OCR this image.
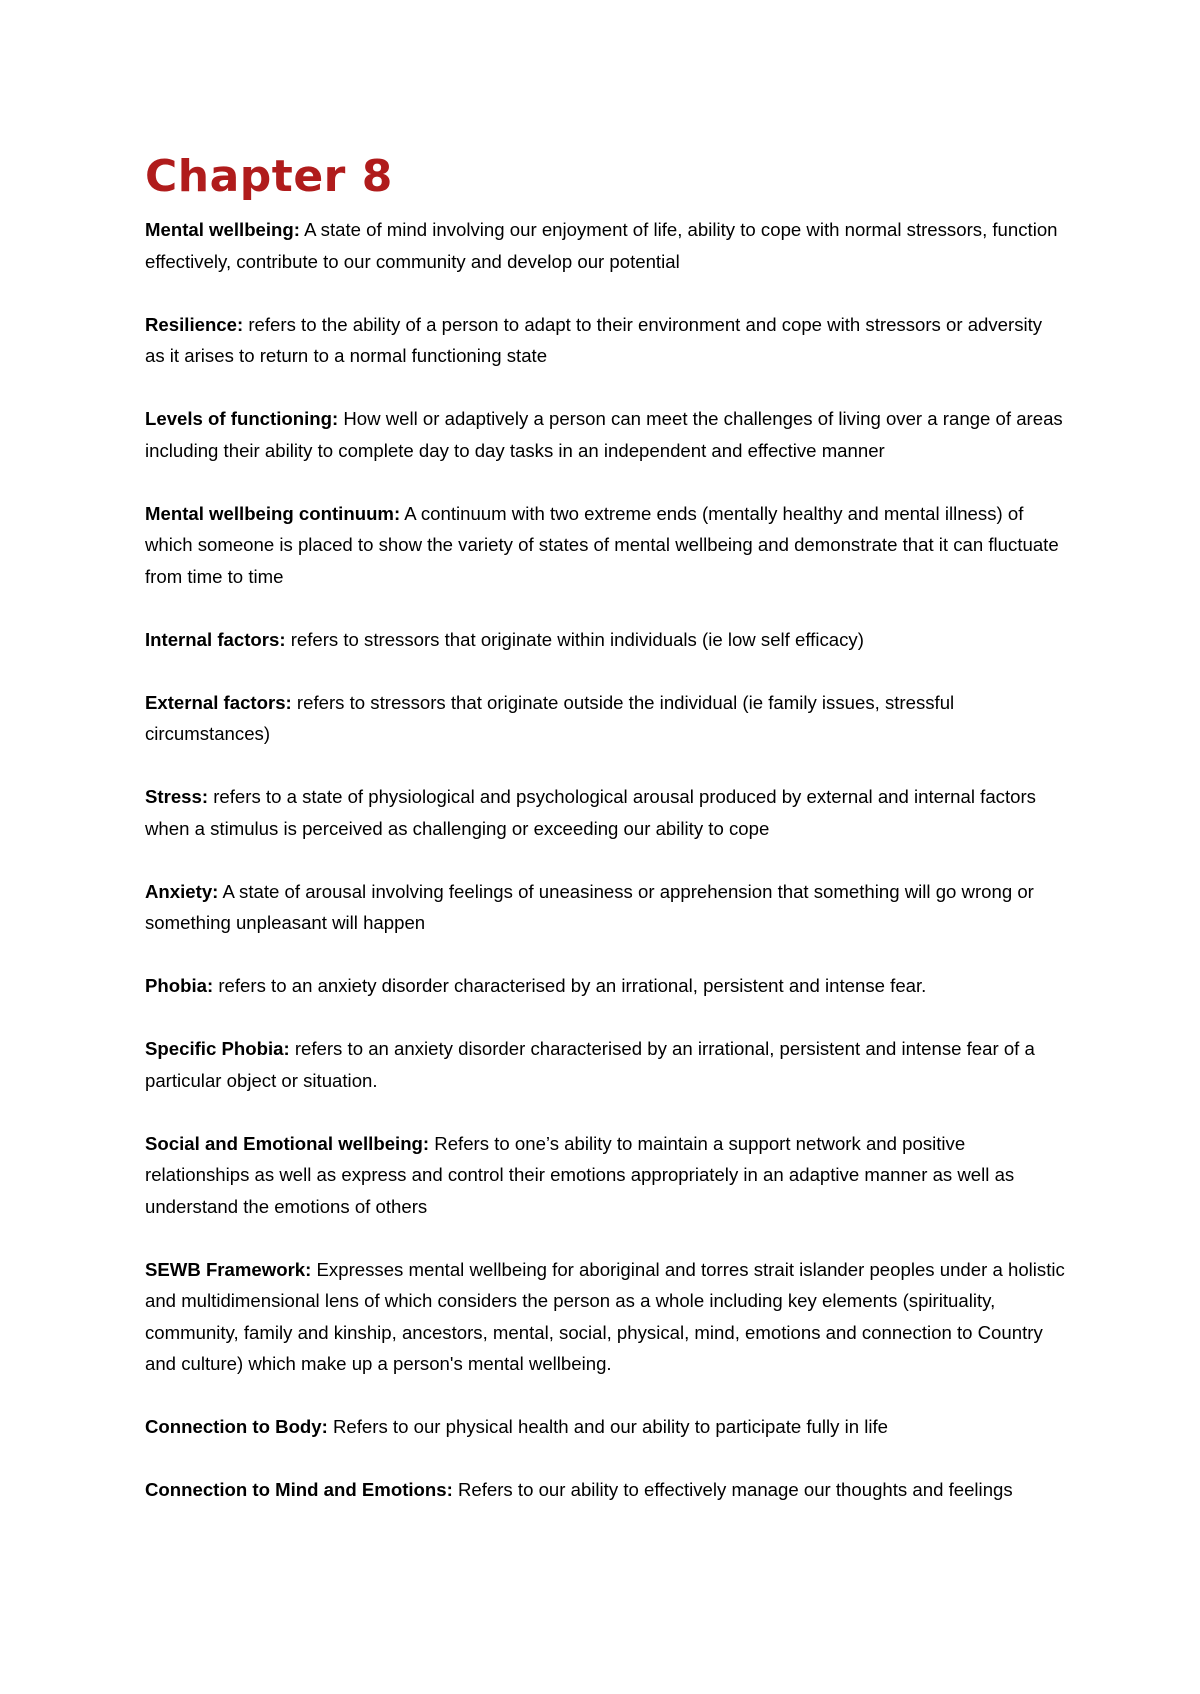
Chapter 8

Mental wellbeing: A state of mind involving our enjoyment of life, ability to cope with normal stressors, function effectively, contribute to our community and develop our potential

Resilience: refers to the ability of a person to adapt to their environment and cope with stressors or adversity as it arises to return to a normal functioning state

Levels of functioning: How well or adaptively a person can meet the challenges of living over a range of areas including their ability to complete day to day tasks in an independent and effective manner

Mental wellbeing continuum: A continuum with two extreme ends (mentally healthy and mental illness) of which someone is placed to show the variety of states of mental wellbeing and demonstrate that it can fluctuate from time to time

Internal factors: refers to stressors that originate within individuals (ie low self efficacy)

External factors: refers to stressors that originate outside the individual (ie family issues, stressful circumstances)

Stress: refers to a state of physiological and psychological arousal produced by external and internal factors when a stimulus is perceived as challenging or exceeding our ability to cope

Anxiety: A state of arousal involving feelings of uneasiness or apprehension that something will go wrong or something unpleasant will happen

Phobia: refers to an anxiety disorder characterised by an irrational, persistent and intense fear.

Specific Phobia: refers to an anxiety disorder characterised by an irrational, persistent and intense fear of a particular object or situation.

Social and Emotional wellbeing: Refers to one’s ability to maintain a support network and positive relationships as well as express and control their emotions appropriately in an adaptive manner as well as understand the emotions of others

SEWB Framework: Expresses mental wellbeing for aboriginal and torres strait islander peoples under a holistic and multidimensional lens of which considers the person as a whole including key elements (spirituality, community, family and kinship, ancestors, mental, social, physical, mind, emotions and connection to Country and culture) which make up a person's mental wellbeing.

Connection to Body: Refers to our physical health and our ability to participate fully in life

Connection to Mind and Emotions: Refers to our ability to effectively manage our thoughts and feelings
